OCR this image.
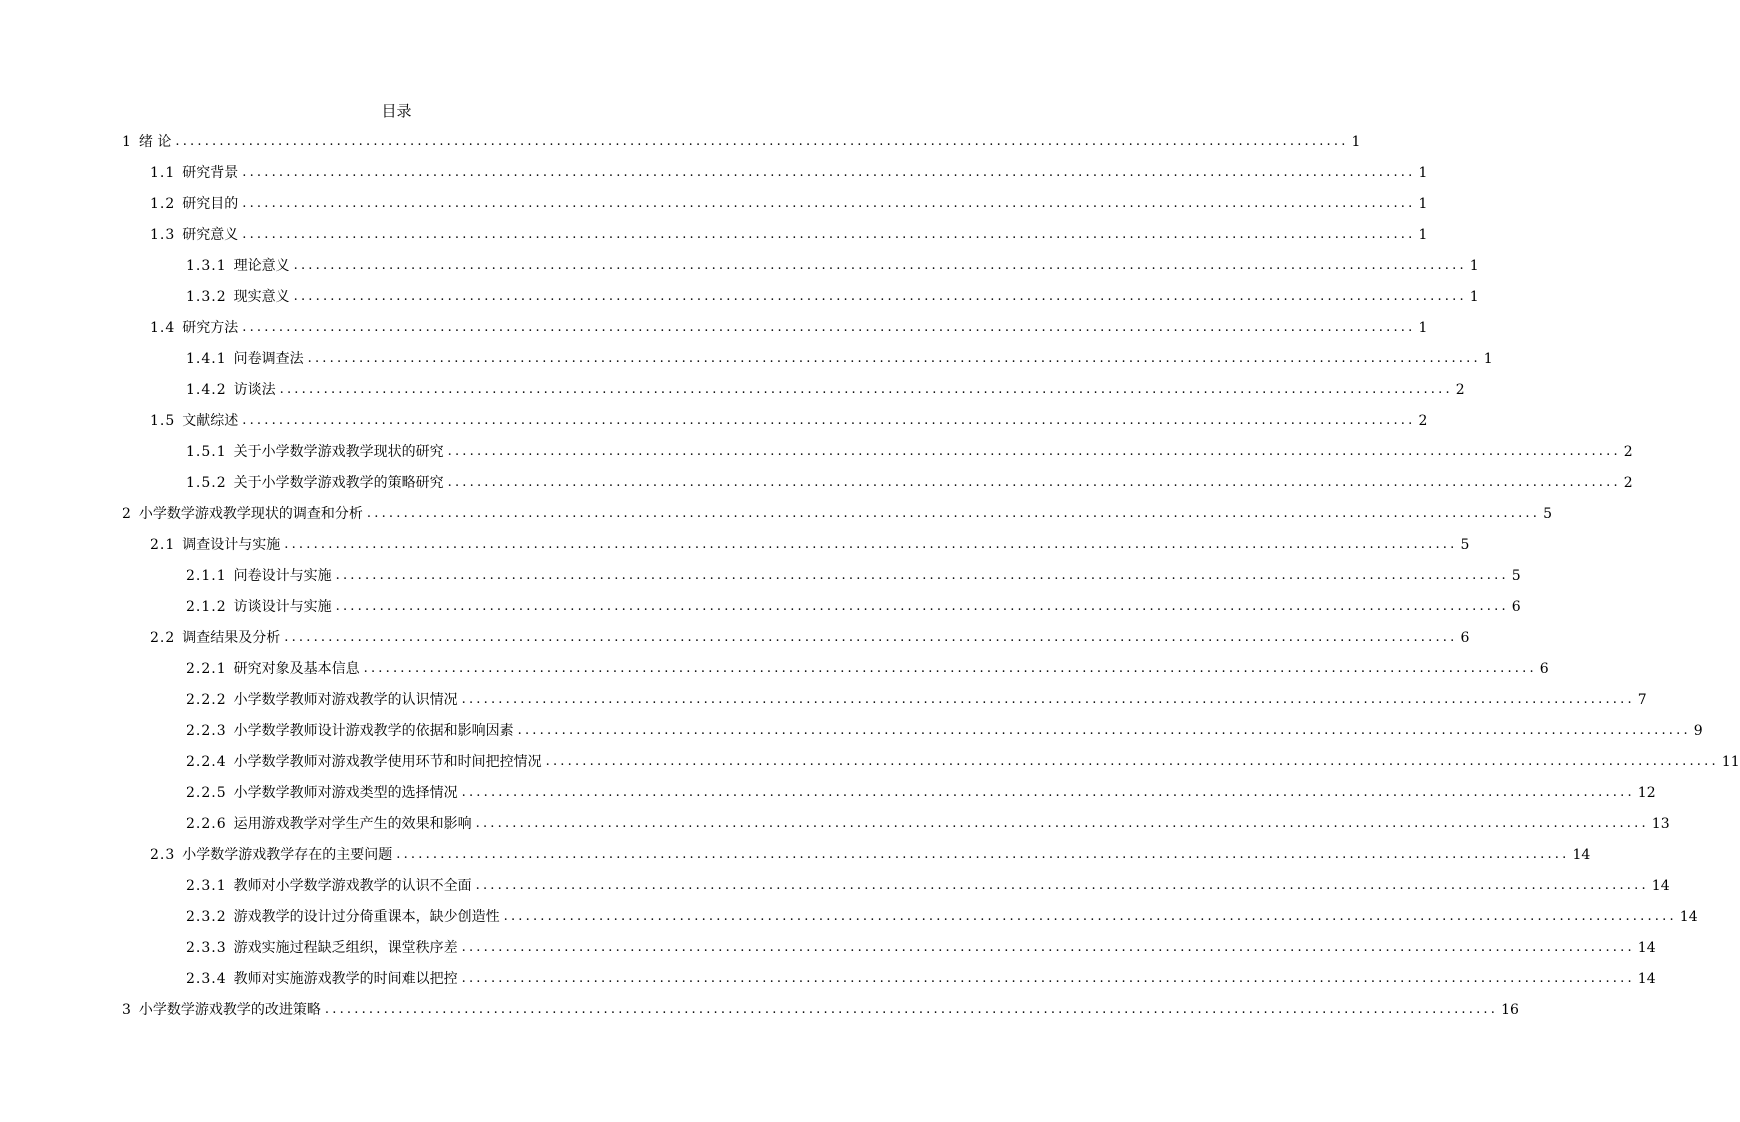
目录
1 绪 论 ................................................................................................................................................................ 1
1.1 研究背景 ................................................................................................................................................................ 1
1.2 研究目的 ................................................................................................................................................................ 1
1.3 研究意义 ................................................................................................................................................................ 1
1.3.1 理论意义 ................................................................................................................................................................ 1
1.3.2 现实意义 ................................................................................................................................................................ 1
1.4 研究方法 ................................................................................................................................................................ 1
1.4.1 问卷调查法 ................................................................................................................................................................ 1
1.4.2 访谈法 ................................................................................................................................................................ 2
1.5 文献综述 ................................................................................................................................................................ 2
1.5.1 关于小学数学游戏教学现状的研究 ................................................................................................................................................................ 2
1.5.2 关于小学数学游戏教学的策略研究 ................................................................................................................................................................ 2
2 小学数学游戏教学现状的调查和分析 ................................................................................................................................................................ 5
2.1 调查设计与实施 ................................................................................................................................................................ 5
2.1.1 问卷设计与实施 ................................................................................................................................................................ 5
2.1.2 访谈设计与实施 ................................................................................................................................................................ 6
2.2 调查结果及分析 ................................................................................................................................................................ 6
2.2.1 研究对象及基本信息 ................................................................................................................................................................ 6
2.2.2 小学数学教师对游戏教学的认识情况 ................................................................................................................................................................ 7
2.2.3 小学数学教师设计游戏教学的依据和影响因素 ................................................................................................................................................................ 9
2.2.4 小学数学教师对游戏教学使用环节和时间把控情况 ................................................................................................................................................................ 11
2.2.5 小学数学教师对游戏类型的选择情况 ................................................................................................................................................................ 12
2.2.6 运用游戏教学对学生产生的效果和影响 ................................................................................................................................................................ 13
2.3 小学数学游戏教学存在的主要问题 ................................................................................................................................................................ 14
2.3.1 教师对小学数学游戏教学的认识不全面 ................................................................................................................................................................ 14
2.3.2 游戏教学的设计过分倚重课本，缺少创造性 ................................................................................................................................................................ 14
2.3.3 游戏实施过程缺乏组织，课堂秩序差 ................................................................................................................................................................ 14
2.3.4 教师对实施游戏教学的时间难以把控 ................................................................................................................................................................ 14
3 小学数学游戏教学的改进策略 ................................................................................................................................................................ 16
